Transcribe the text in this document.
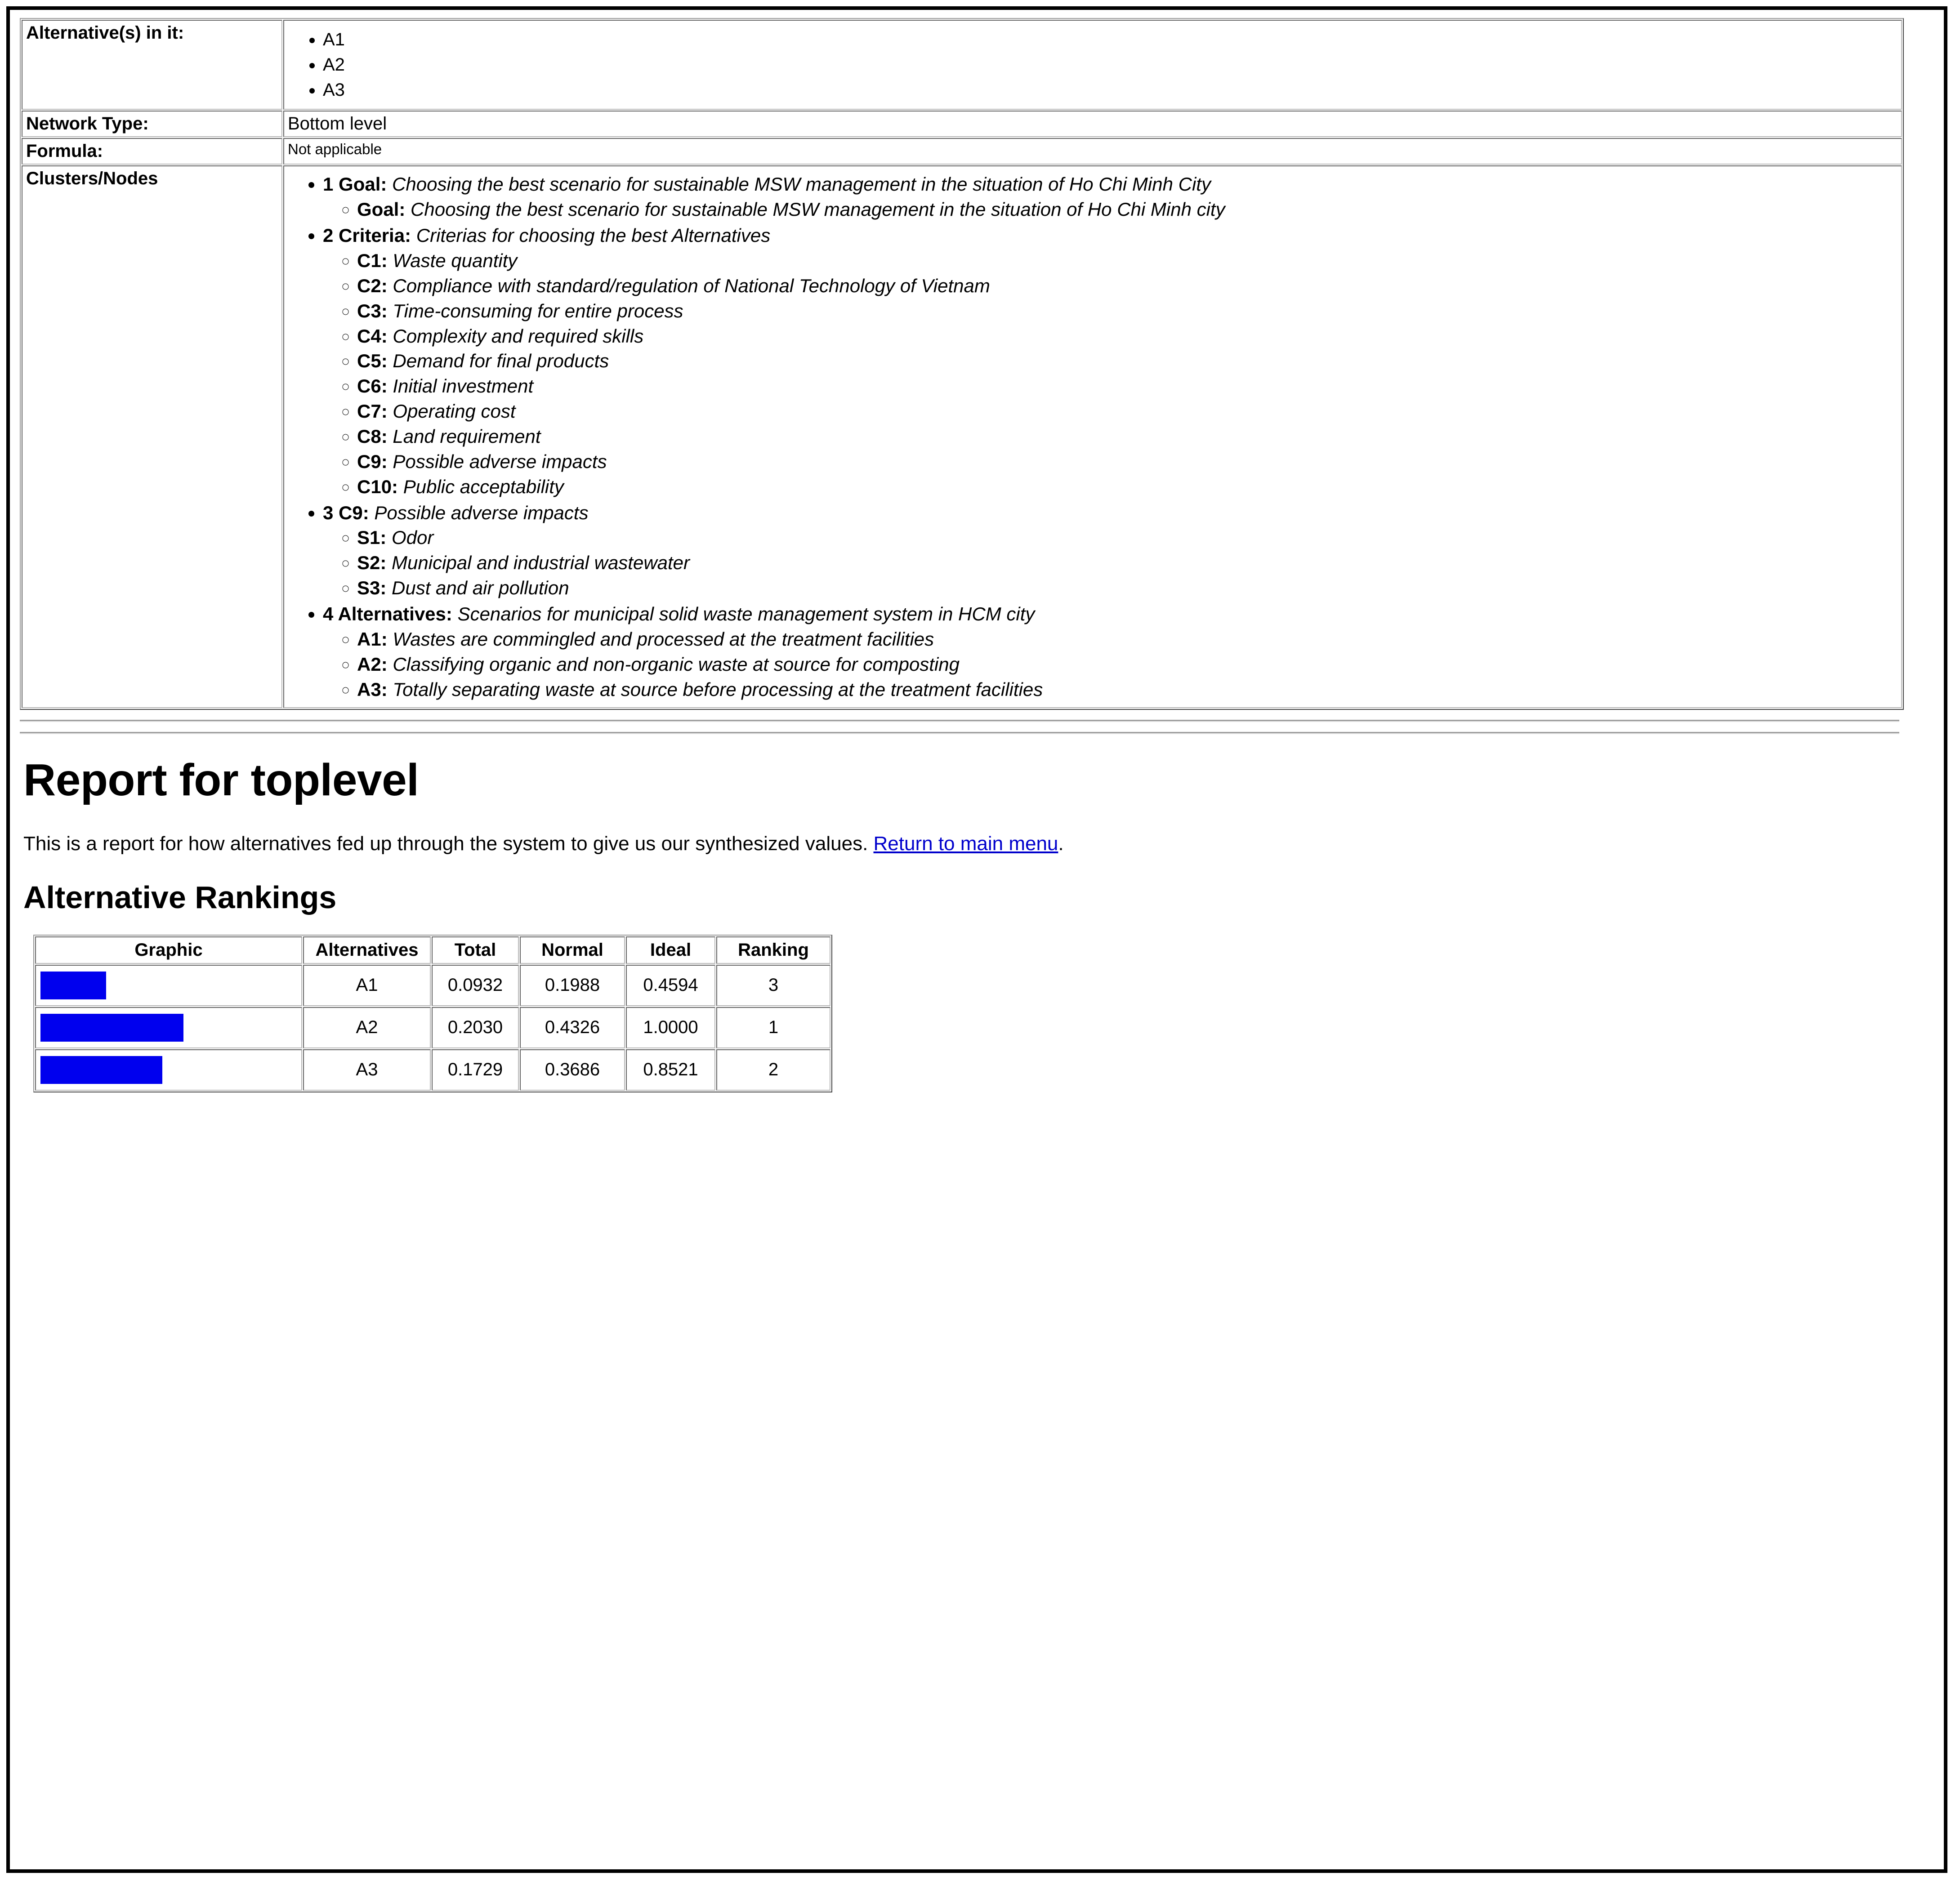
Alternative(s) in it:	
•A1
• A2
• A3

Network Type:	Bottom level
Formula:	Not applicable
Clusters/Nodes	
•1 Goal: Choosing the best scenario for sustainable MSW management in the situation of Ho Chi Minh City
◦ Goal: Choosing the best scenario for sustainable MSW management in the situation of Ho Chi Minh city
• 2 Criteria: Criterias for choosing the best Alternatives
◦ C1: Waste quantity
◦ C2: Compliance with standard/regulation of National Technology of Vietnam
◦ C3: Time-consuming for entire process
◦ C4: Complexity and required skills
◦ C5: Demand for final products
◦ C6: Initial investment
◦ C7: Operating cost
◦ C8: Land requirement
◦ C9: Possible adverse impacts
◦ C10: Public acceptability
• 3 C9: Possible adverse impacts
◦ S1: Odor
◦ S2: Municipal and industrial wastewater
◦ S3: Dust and air pollution
• 4 Alternatives: Scenarios for municipal solid waste management system in HCM city
◦ A1: Wastes are commingled and processed at the treatment facilities
◦ A2: Classifying organic and non-organic waste at source for composting
◦ A3: Totally separating waste at source before processing at the treatment facilities
Report for toplevel

This is a report for how alternatives fed up through the system to give us our synthesized values. Return to main menu.

Alternative Rankings
Graphic	Alternatives	Total	Normal	Ideal	Ranking

	A1	0.0932	0.1988	0.4594	3

	A2	0.2030	0.4326	1.0000	1

	A3	0.1729	0.3686	0.8521	2
